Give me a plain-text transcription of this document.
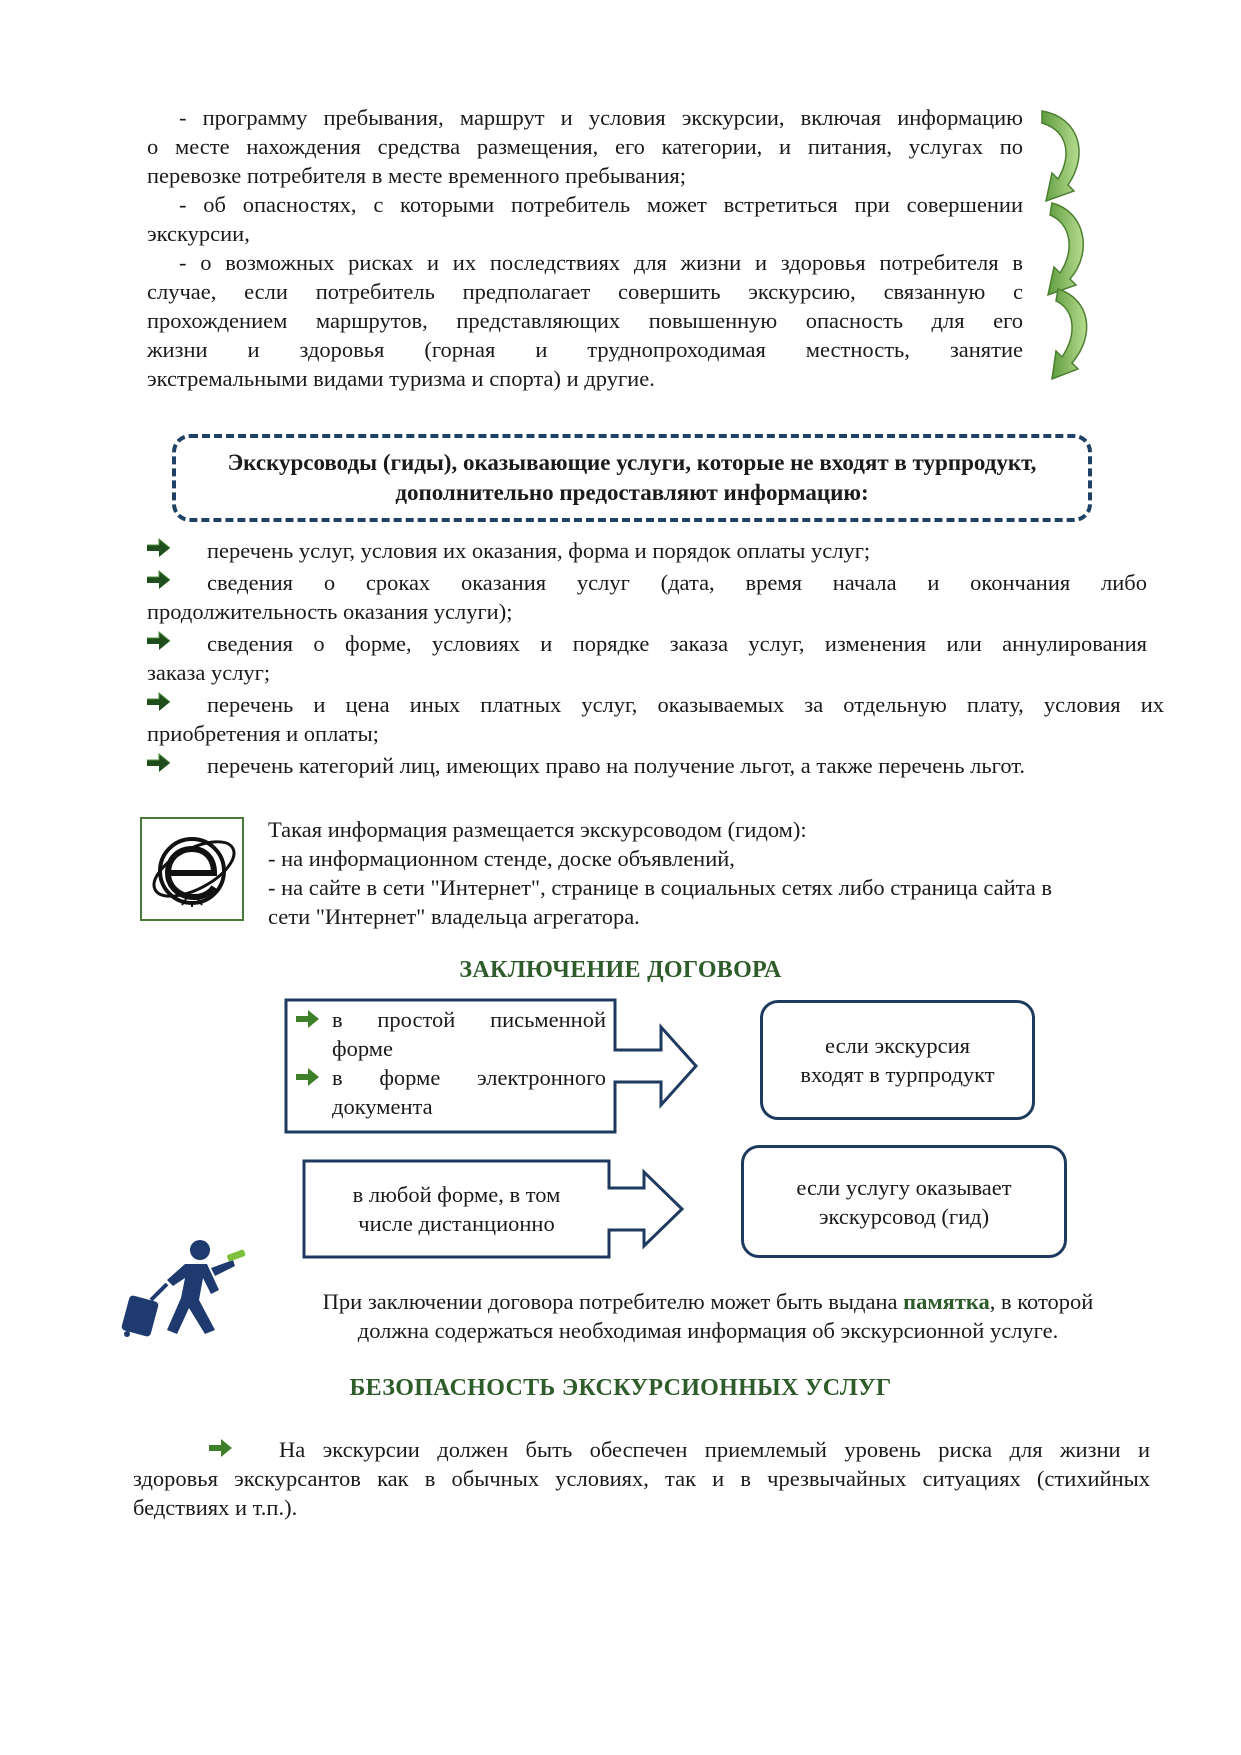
- программу пребывания, маршрут и условия экскурсии, включая информацию
о месте нахождения средства размещения, его категории, и питания, услугах по
перевозке потребителя в месте временного пребывания;
- об опасностях, с которыми потребитель может встретиться при совершении
экскурсии,
- о возможных рисках и их последствиях для жизни и здоровья потребителя в
случае, если потребитель предполагает совершить экскурсию, связанную с
прохождением маршрутов, представляющих повышенную опасность для его
жизни и здоровья (горная и труднопроходимая местность, занятие
экстремальными видами туризма и спорта) и другие.
Экскурсоводы (гиды), оказывающие услуги, которые не входят в турпродукт,
дополнительно предоставляют информацию:
перечень услуг, условия их оказания, форма и порядок оплаты услуг;
сведения о сроках оказания услуг (дата, время начала и окончания либо
продолжительность оказания услуги);
сведения о форме, условиях и порядке заказа услуг, изменения или аннулирования
заказа услуг;
перечень и цена иных платных услуг, оказываемых за отдельную плату, условия их
приобретения и оплаты;
перечень категорий лиц, имеющих право на получение льгот, а также перечень льгот.
Такая информация размещается экскурсоводом (гидом):
- на информационном стенде, доске объявлений,
- на сайте в сети "Интернет", странице в социальных сетях либо страница сайта в
сети "Интернет" владельца агрегатора.
ЗАКЛЮЧЕНИЕ ДОГОВОРА
в простой письменной
форме
в форме электронного
документа
если экскурсия
входят в турпродукт
в любой форме, в том
числе дистанционно
если услугу оказывает
экскурсовод (гид)
При заключении договора потребителю может быть выдана памятка, в которой
должна содержаться необходимая информация об экскурсионной услуге.
БЕЗОПАСНОСТЬ ЭКСКУРСИОННЫХ УСЛУГ
На экскурсии должен быть обеспечен приемлемый уровень риска для жизни и
здоровья экскурсантов как в обычных условиях, так и в чрезвычайных ситуациях (стихийных
бедствиях и т.п.).
